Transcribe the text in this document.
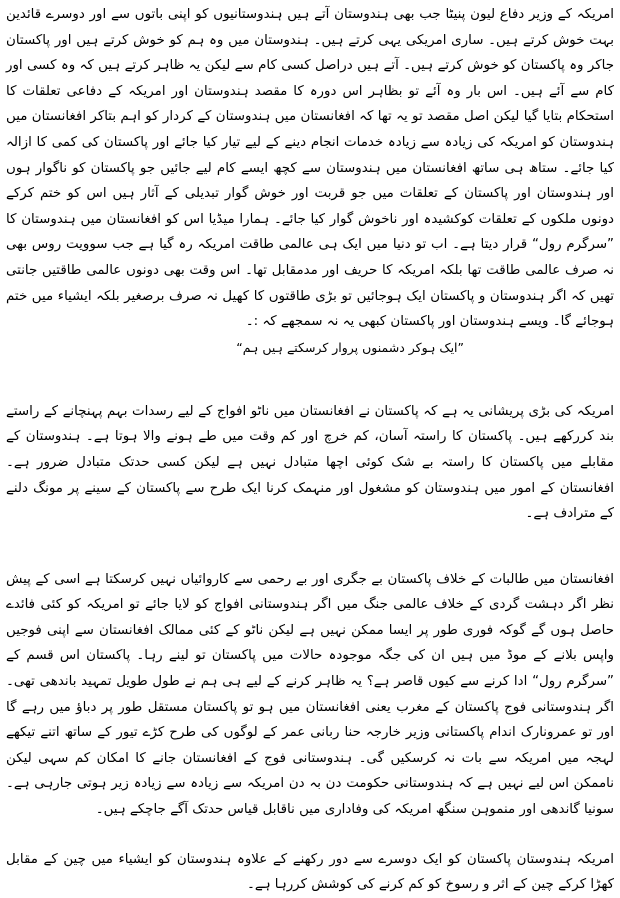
امریکہ کے وزیر دفاع لیون پنیٹا جب بھی ہندوستان آتے ہیں ہندوستانیوں کو اپنی باتوں سے اور دوسرے قائدین بہت خوش کرتے ہیں۔ ساری امریکی یہی کرتے ہیں۔ ہندوستان میں وہ ہم کو خوش کرتے ہیں اور پاکستان جاکر وہ پاکستان کو خوش کرتے ہیں۔ آتے ہیں دراصل کسی کام سے لیکن یہ ظاہر کرتے ہیں کہ وہ کسی اور کام سے آئے ہیں۔ اس بار وہ آئے تو بظاہر اس دورہ کا مقصد ہندوستان اور امریکہ کے دفاعی تعلقات کا استحکام بتایا گیا لیکن اصل مقصد تو یہ تھا کہ افغانستان میں ہندوستان کے کردار کو اہم بتاکر افغانستان میں ہندوستان کو امریکہ کی زیادہ سے زیادہ خدمات انجام دینے کے لیے تیار کیا جائے اور پاکستان کی کمی کا ازالہ کیا جائے۔ ستاھ ہی ساتھ افغانستان میں ہندوستان سے کچھ ایسے کام لیے جائیں جو پاکستان کو ناگوار ہوں اور ہندوستان اور پاکستان کے تعلقات میں جو قربت اور خوش گوار تبدیلی کے آثار ہیں اس کو ختم کرکے دونوں ملکوں کے تعلقات کوکشیدہ اور ناخوش گوار کیا جائے۔ ہمارا میڈیا اس کو افغانستان میں ہندوستان کا ”سرگرم رول“ قرار دیتا ہے۔ اب تو دنیا میں ایک ہی عالمی طاقت امریکہ رہ گیا ہے جب سوویت روس بھی نہ صرف عالمی طاقت تھا بلکہ امریکہ کا حریف اور مدمقابل تھا۔ اس وقت بھی دونوں عالمی طاقتیں جانتی تھیں کہ اگر ہندوستان و پاکستان ایک ہوجائیں تو بڑی طاقتوں کا کھیل نہ صرف برصغیر بلکہ ایشیاء میں ختم ہوجائے گا۔ ویسے ہندوستان اور پاکستان کبھی یہ نہ سمجھے کہ :۔

”ایک ہوکر دشمنوں پروار کرسکتے ہیں ہم“

امریکہ کی بڑی پریشانی یہ ہے کہ پاکستان نے افغانستان میں ناٹو افواج کے لیے رسدات بہم پہنچانے کے راستے بند کررکھے ہیں۔ پاکستان کا راستہ آسان، کم خرچ اور کم وقت میں طے ہونے والا ہوتا ہے۔ ہندوستان کے مقابلے میں پاکستان کا راستہ بے شک کوئی اچھا متبادل نہیں ہے لیکن کسی حدتک متبادل ضرور ہے۔ افغانستان کے امور میں ہندوستان کو مشغول اور منہمک کرنا ایک طرح سے پاکستان کے سینے پر مونگ دلنے کے مترادف ہے۔

افغانستان میں طالبات کے خلاف پاکستان بے جگری اور بے رحمی سے کاروائیاں نہیں کرسکتا ہے اسی کے پیش نظر اگر دہشت گردی کے خلاف عالمی جنگ میں اگر ہندوستانی افواج کو لایا جائے تو امریکہ کو کئی فائدے حاصل ہوں گے گوکہ فوری طور پر ایسا ممکن نہیں ہے لیکن ناٹو کے کئی ممالک افغانستان سے اپنی فوجیں واپس بلانے کے موڈ میں ہیں ان کی جگہ موجودہ حالات میں پاکستان تو لینے رہا۔ پاکستان اس قسم کے ”سرگرم رول“ ادا کرنے سے کیوں قاصر ہے؟ یہ ظاہر کرنے کے لیے ہی ہم نے طول طویل تمہید باندھی تھی۔ اگر ہندوستانی فوج پاکستان کے مغرب یعنی افغانستان میں ہو تو پاکستان مستقل طور پر دباؤ میں رہے گا اور تو عمرونارک اندام پاکستانی وزیر خارجہ حنا ربانی عمر کے لوگوں کی طرح کڑے تیور کے ساتھ اتنے تیکھے لہجہ میں امریکہ سے بات نہ کرسکیں گی۔ ہندوستانی فوج کے افغانستان جانے کا امکان کم سہی لیکن ناممکن اس لیے نہیں ہے کہ ہندوستانی حکومت دن بہ دن امریکہ سے زیادہ سے زیادہ زیر ہوتی جارہی ہے۔ سونیا گاندھی اور منموہن سنگھ امریکہ کی وفاداری میں ناقابل قیاس حدتک آگے جاچکے ہیں۔

امریکہ ہندوستان پاکستان کو ایک دوسرے سے دور رکھنے کے علاوہ ہندوستان کو ایشیاء میں چین کے مقابل کھڑا کرکے چین کے اثر و رسوخ کو کم کرنے کی کوشش کررہا ہے۔
